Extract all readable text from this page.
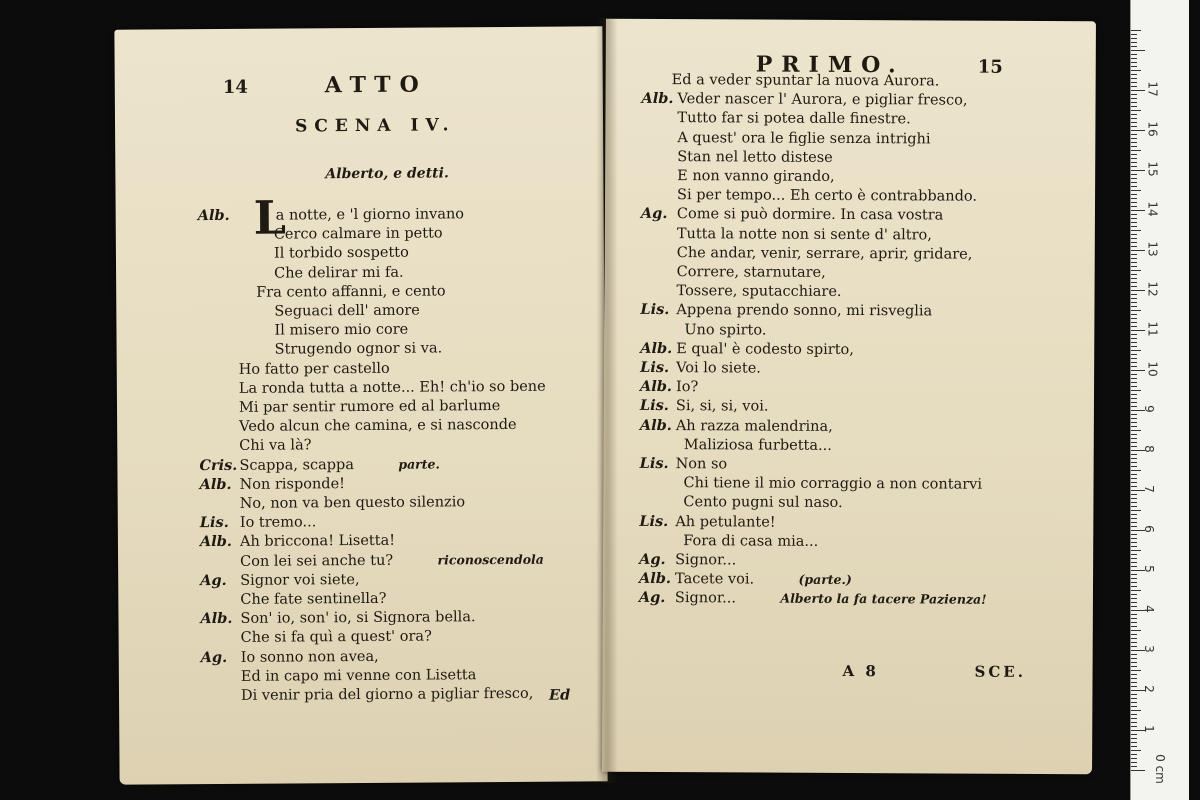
14	ATTO
SCENA IV.
Alberto, e detti.
L
Alb.	a notte, e 'l giorno invano
Cerco calmare in petto
Il torbido sospetto
Che delirar mi fa.
Fra cento affanni, e cento
Seguaci dell' amore
Il misero mio core
Strugendo ognor si va.
Ho fatto per castello
La ronda tutta a notte... Eh! ch'io so bene
Mi par sentir rumore ed al barlume
Vedo alcun che camina, e si nasconde
Chi va là?
Cris. Scappa, scappa	parte.
Alb. Non risponde!
No, non va ben questo silenzio
Lis. Io tremo...
Alb. Ah briccona! Lisetta!
Con lei sei anche tu?	riconoscendola
Ag. Signor voi siete,
Che fate sentinella?
Alb. Son' io, son' io, si Signora bella.
Che si fa quì a quest' ora?
Ag. Io sonno non avea,
Ed in capo mi venne con Lisetta
Di venir pria del giorno a pigliar fresco, Ed
PRIMO.	15
Ed a veder spuntar la nuova Aurora.
Alb. Veder nascer l' Aurora, e pigliar fresco,
Tutto far si potea dalle finestre.
A quest' ora le figlie senza intrighi
Stan nel letto distese
E non vanno girando,
Si per tempo... Eh certo è contrabbando.
Ag. Come si può dormire. In casa vostra
Tutta la notte non si sente d' altro,
Che andar, venir, serrare, aprir, gridare,
Correre, starnutare,
Tossere, sputacchiare.
Lis. Appena prendo sonno, mi risveglia
Uno spirto.
Alb. E qual' è codesto spirto,
Lis. Voi lo siete.
Alb. Io?
Lis. Si, si, si, voi.
Alb. Ah razza malendrina,
Maliziosa furbetta...
Lis. Non so
Chi tiene il mio corraggio a non contarvi
Cento pugni sul naso.
Lis. Ah petulante!
Fora di casa mia...
Ag. Signor...
Alb. Tacete voi.	(parte.)
Ag. Signor...	Alberto la fa tacere Pazienza!
A 8	SCE.
0 cm
1
2
3
4
5
6
7
8
9
10
11
12
13
14
15
16
17
